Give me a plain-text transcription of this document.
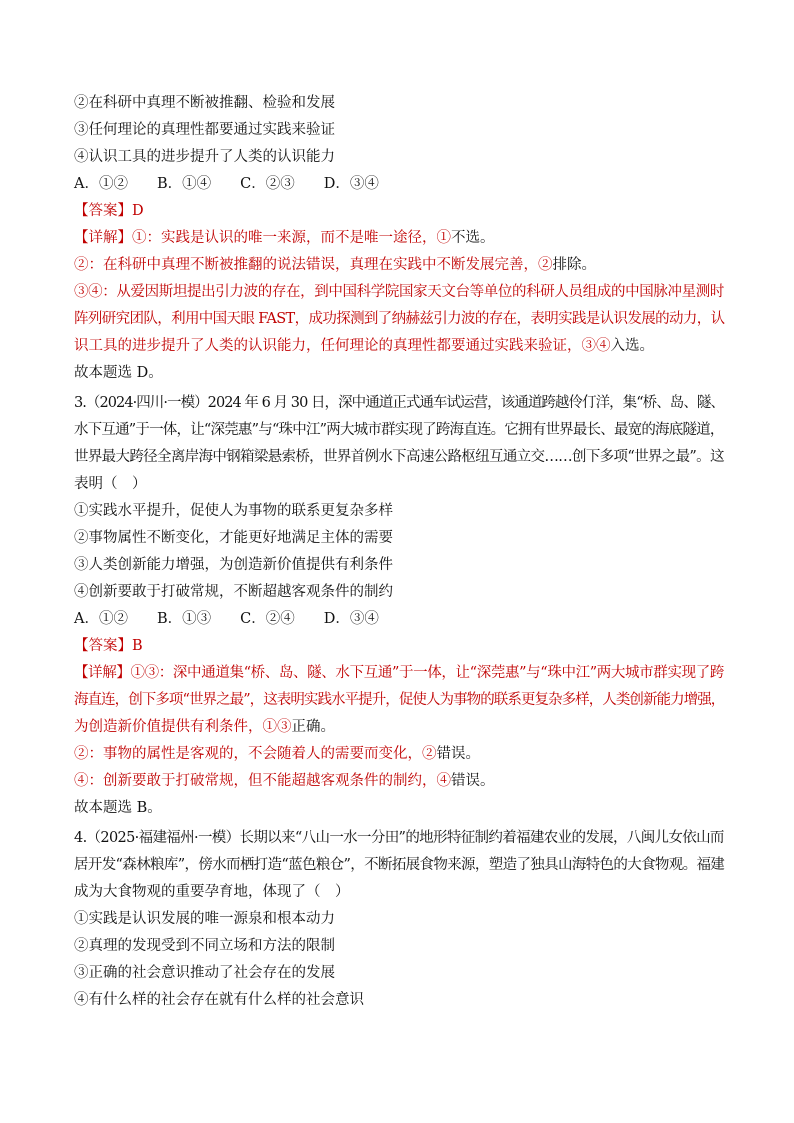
②在科研中真理不断被推翻、检验和发展
③任何理论的真理性都要通过实践来验证
④认识工具的进步提升了人类的认识能力
A．①②　　B．①④　　C．②③　　D．③④
【答案】D
【详解】①：实践是认识的唯一来源，而不是唯一途径，①不选。
②：在科研中真理不断被推翻的说法错误，真理在实践中不断发展完善，②排除。
③④：从爱因斯坦提出引力波的存在，到中国科学院国家天文台等单位的科研人员组成的中国脉冲星测时
阵列研究团队，利用中国天眼 FAST，成功探测到了纳赫兹引力波的存在，表明实践是认识发展的动力，认
识工具的进步提升了人类的认识能力，任何理论的真理性都要通过实践来验证，③④入选。
故本题选 D。
3.（2024·四川·一模）2024 年 6 月 30 日，深中通道正式通车试运营，该通道跨越伶仃洋，集“桥、岛、隧、
水下互通”于一体，让“深莞惠”与“珠中江”两大城市群实现了跨海直连。它拥有世界最长、最宽的海底隧道，
世界最大跨径全离岸海中钢箱梁悬索桥，世界首例水下高速公路枢纽互通立交……创下多项“世界之最”。这
表明（　）
①实践水平提升，促使人为事物的联系更复杂多样
②事物属性不断变化，才能更好地满足主体的需要
③人类创新能力增强，为创造新价值提供有利条件
④创新要敢于打破常规，不断超越客观条件的制约
A．①②　　B．①③　　C．②④　　D．③④
【答案】B
【详解】①③：深中通道集“桥、岛、隧、水下互通”于一体，让“深莞惠”与“珠中江”两大城市群实现了跨
海直连，创下多项“世界之最”，这表明实践水平提升，促使人为事物的联系更复杂多样，人类创新能力增强，
为创造新价值提供有利条件，①③正确。
②：事物的属性是客观的，不会随着人的需要而变化，②错误。
④：创新要敢于打破常规，但不能超越客观条件的制约，④错误。
故本题选 B。
4.（2025·福建福州·一模）长期以来“八山一水一分田”的地形特征制约着福建农业的发展，八闽儿女依山而
居开发“森林粮库”，傍水而栖打造“蓝色粮仓”，不断拓展食物来源，塑造了独具山海特色的大食物观。福建
成为大食物观的重要孕育地，体现了（　）
①实践是认识发展的唯一源泉和根本动力
②真理的发现受到不同立场和方法的限制
③正确的社会意识推动了社会存在的发展
④有什么样的社会存在就有什么样的社会意识
